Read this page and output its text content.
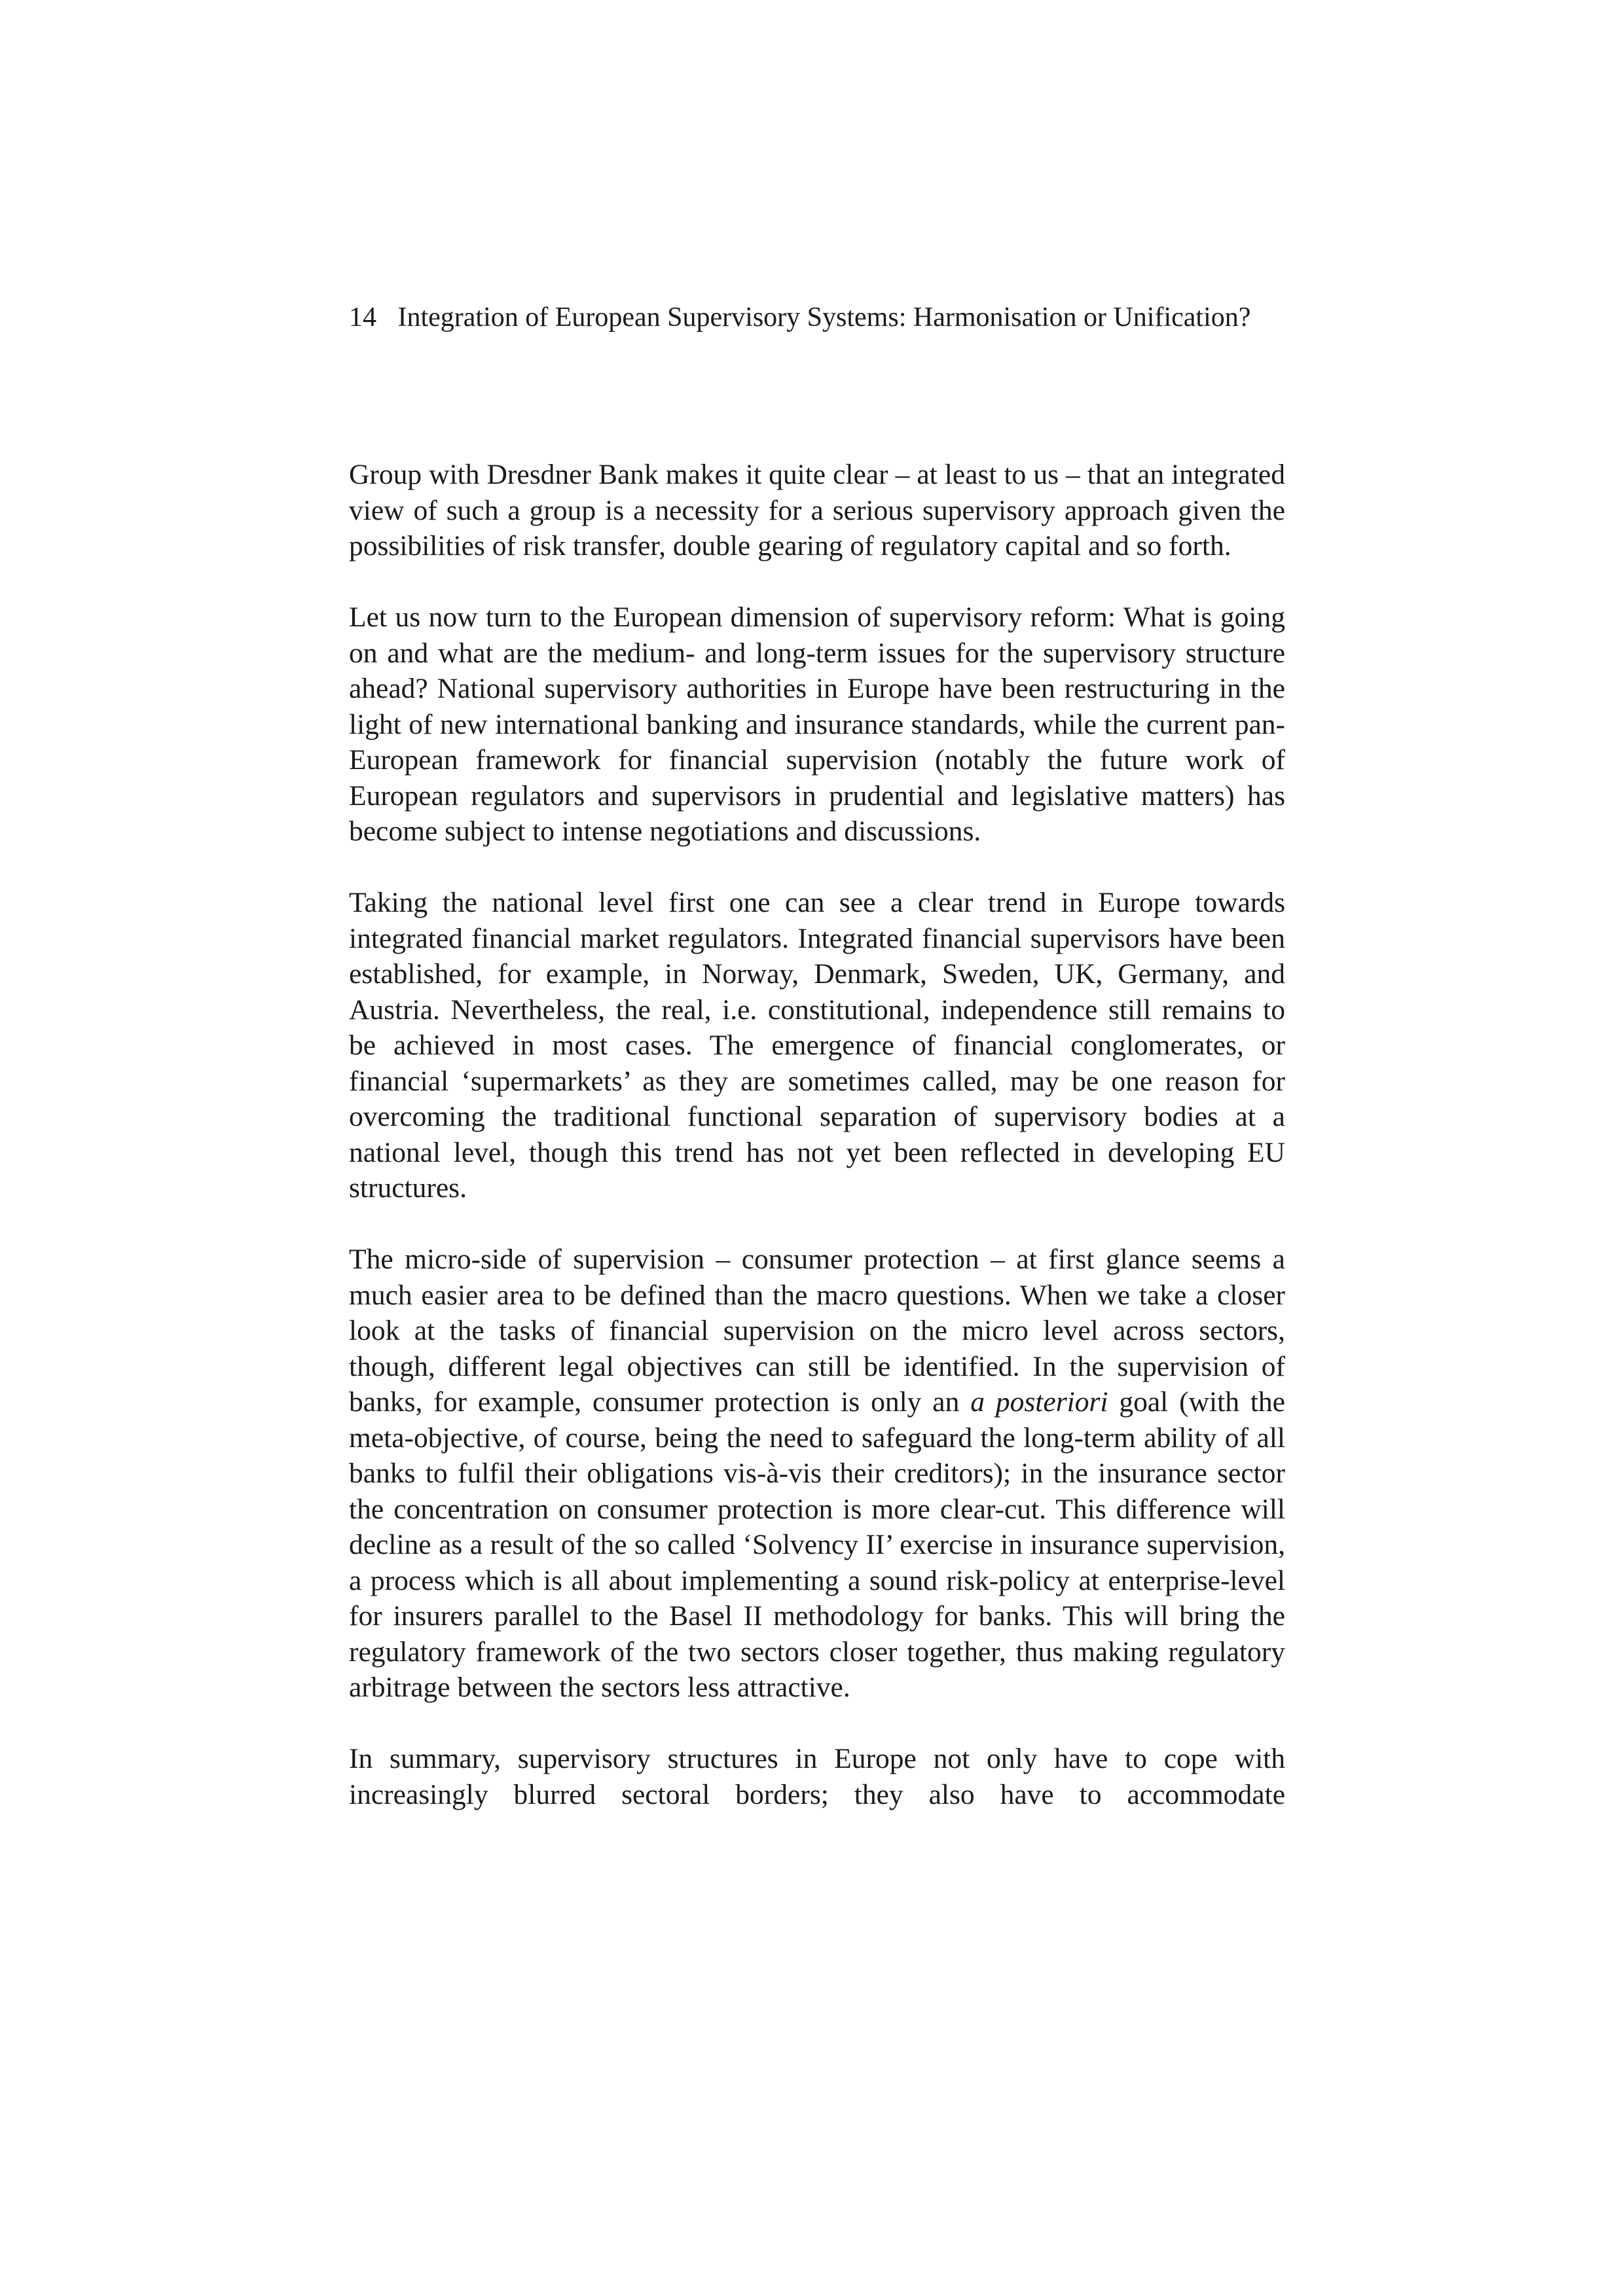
14 Integration of European Supervisory Systems: Harmonisation or Unification?

Group with Dresdner Bank makes it quite clear – at least to us – that an integrated view of such a group is a necessity for a serious supervisory approach given the possibilities of risk transfer, double gearing of regulatory capital and so forth.

Let us now turn to the European dimension of supervisory reform: What is going on and what are the medium- and long-term issues for the supervisory structure ahead? National supervisory authorities in Europe have been restructuring in the light of new international banking and insurance standards, while the current pan-European framework for financial supervision (notably the future work of European regulators and supervisors in prudential and legislative matters) has become subject to intense negotiations and discussions.

Taking the national level first one can see a clear trend in Europe towards integrated financial market regulators. Integrated financial supervisors have been established, for example, in Norway, Denmark, Sweden, UK, Germany, and Austria. Nevertheless, the real, i.e. constitutional, independence still remains to be achieved in most cases. The emergence of financial conglomerates, or financial ‘supermarkets’ as they are sometimes called, may be one reason for overcoming the traditional functional separation of supervisory bodies at a national level, though this trend has not yet been reflected in developing EU structures.

The micro-side of supervision – consumer protection – at first glance seems a much easier area to be defined than the macro questions. When we take a closer look at the tasks of financial supervision on the micro level across sectors, though, different legal objectives can still be identified. In the supervision of banks, for example, consumer protection is only an a posteriori goal (with the meta-objective, of course, being the need to safeguard the long-term ability of all banks to fulfil their obligations vis-à-vis their creditors); in the insurance sector the concentration on consumer protection is more clear-cut. This difference will decline as a result of the so called ‘Solvency II’ exercise in insurance supervision, a process which is all about implementing a sound risk-policy at enterprise-level for insurers parallel to the Basel II methodology for banks. This will bring the regulatory framework of the two sectors closer together, thus making regulatory arbitrage between the sectors less attractive.

In summary, supervisory structures in Europe not only have to cope with increasingly blurred sectoral borders; they also have to accommodate
